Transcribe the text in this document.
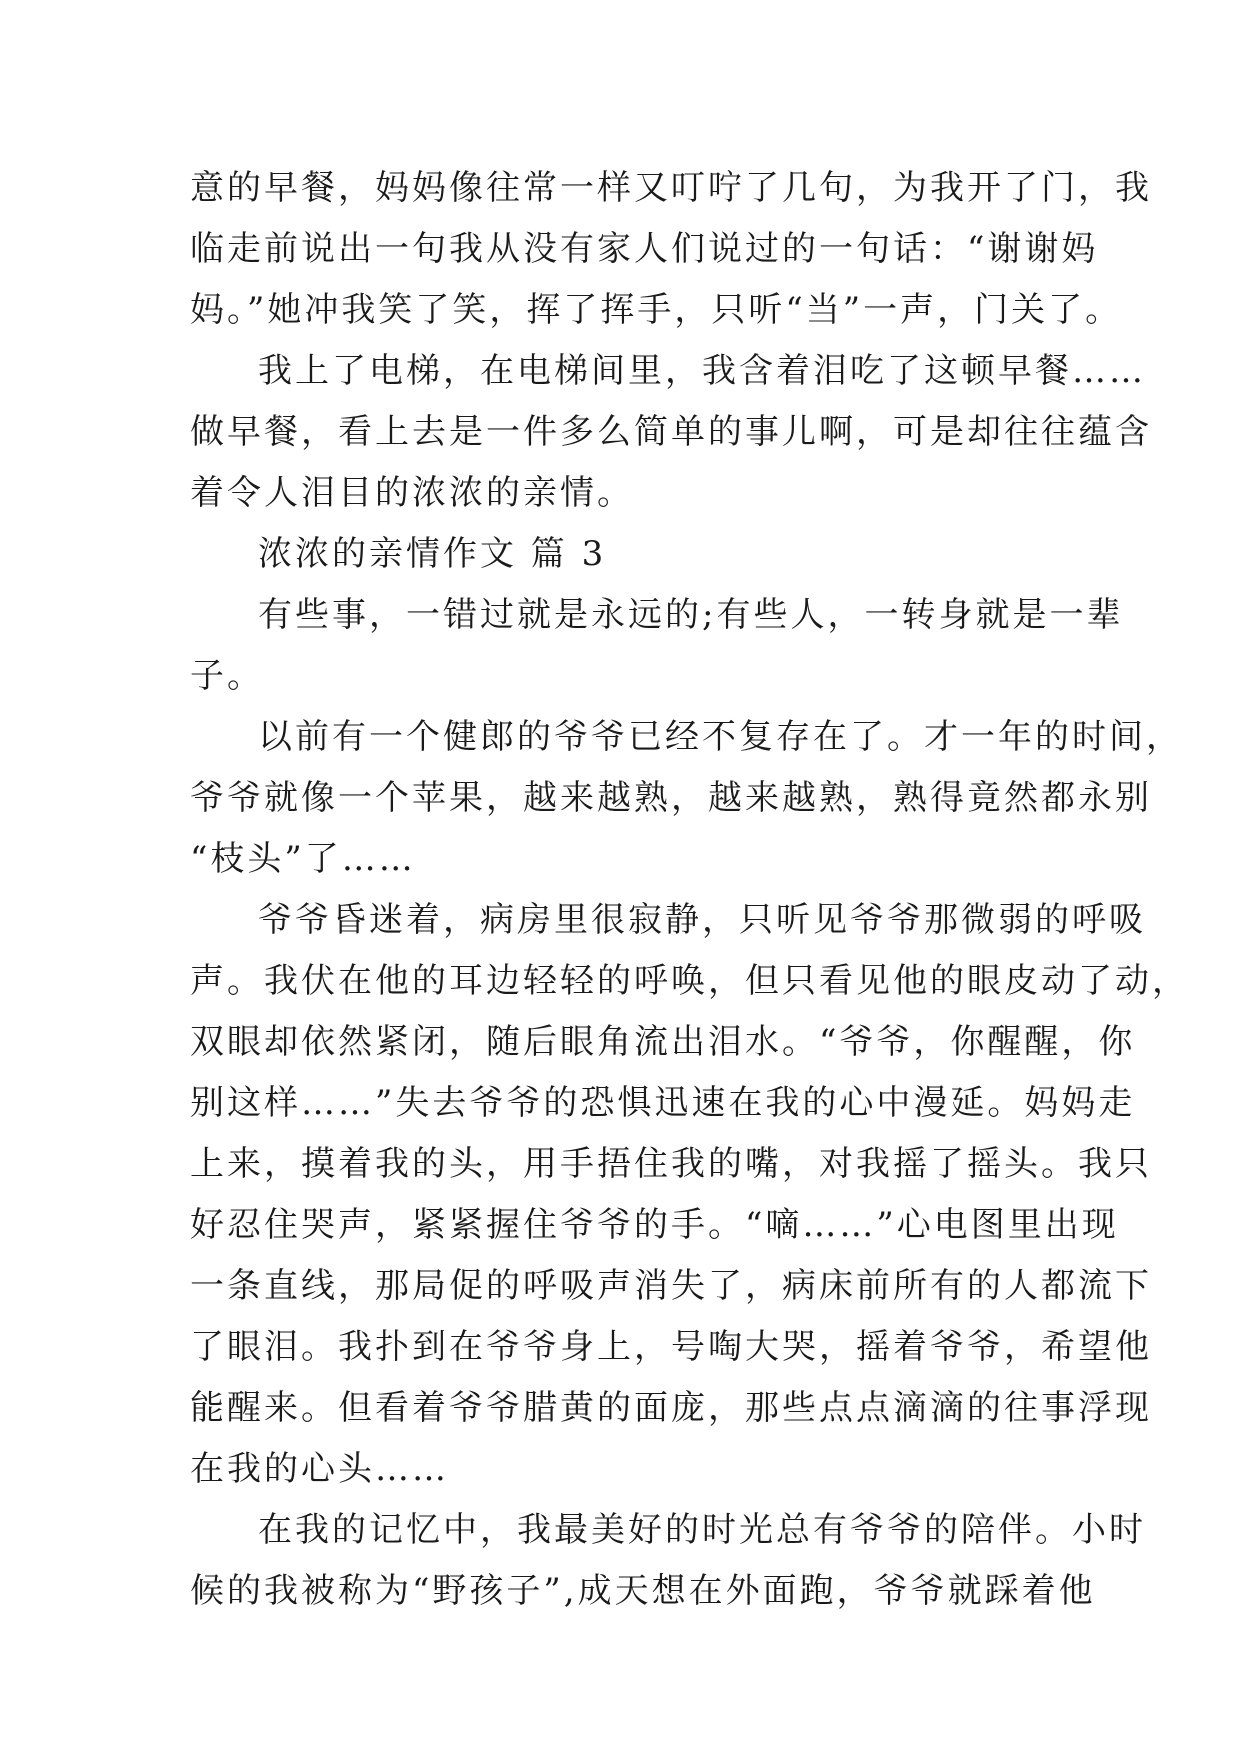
意的早餐，妈妈像往常一样又叮咛了几句，为我开了门，我
临走前说出一句我从没有家人们说过的一句话：“谢谢妈
妈。”她冲我笑了笑，挥了挥手，只听“当”一声，门关了。
我上了电梯，在电梯间里，我含着泪吃了这顿早餐……
做早餐，看上去是一件多么简单的事儿啊，可是却往往蕴含
着令人泪目的浓浓的亲情。
浓浓的亲情作文 篇 3
有些事，一错过就是永远的;有些人，一转身就是一辈
子。
以前有一个健郎的爷爷已经不复存在了。才一年的时间，
爷爷就像一个苹果，越来越熟，越来越熟，熟得竟然都永别
“枝头”了……
爷爷昏迷着，病房里很寂静，只听见爷爷那微弱的呼吸
声。我伏在他的耳边轻轻的呼唤，但只看见他的眼皮动了动，
双眼却依然紧闭，随后眼角流出泪水。“爷爷，你醒醒，你
别这样……”失去爷爷的恐惧迅速在我的心中漫延。妈妈走
上来，摸着我的头，用手捂住我的嘴，对我摇了摇头。我只
好忍住哭声，紧紧握住爷爷的手。“嘀……”心电图里出现
一条直线，那局促的呼吸声消失了，病床前所有的人都流下
了眼泪。我扑到在爷爷身上，号啕大哭，摇着爷爷，希望他
能醒来。但看着爷爷腊黄的面庞，那些点点滴滴的往事浮现
在我的心头……
在我的记忆中，我最美好的时光总有爷爷的陪伴。小时
候的我被称为“野孩子”,成天想在外面跑，爷爷就踩着他
